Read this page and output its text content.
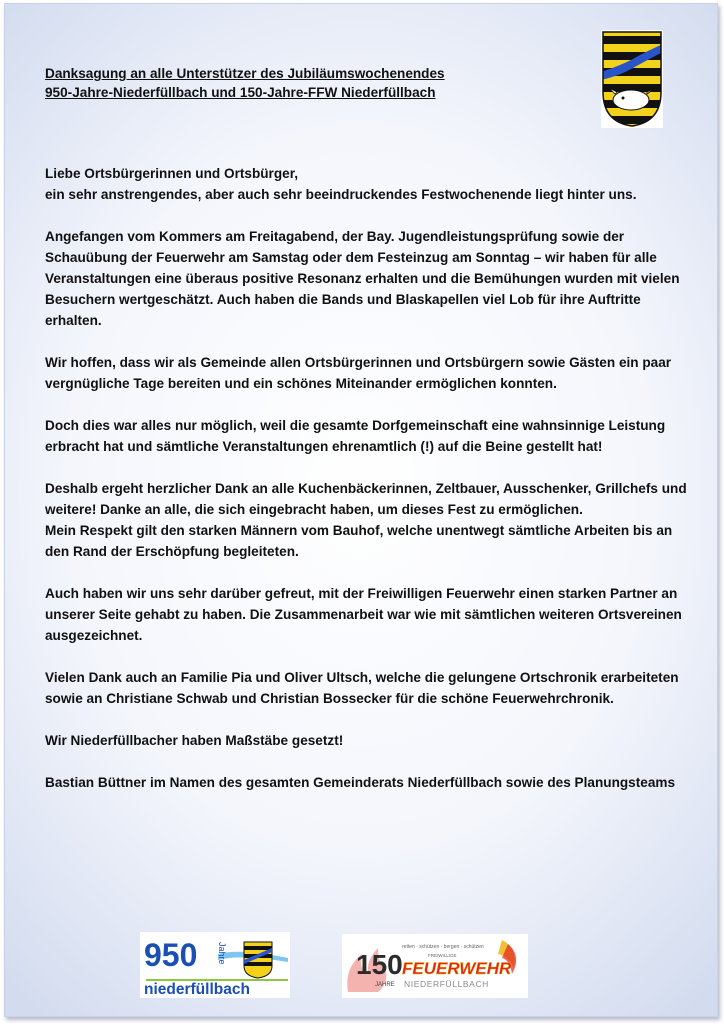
Danksagung an alle Unterstützer des Jubiläumswochenendes
950-Jahre-Niederfüllbach und 150-Jahre-FFW Niederfüllbach

Liebe Ortsbürgerinnen und Ortsbürger,
ein sehr anstrengendes, aber auch sehr beeindruckendes Festwochenende liegt hinter uns.

Angefangen vom Kommers am Freitagabend, der Bay. Jugendleistungsprüfung sowie der Schauübung der Feuerwehr am Samstag oder dem Festeinzug am Sonntag – wir haben für alle Veranstaltungen eine überaus positive Resonanz erhalten und die Bemühungen wurden mit vielen Besuchern wertgeschätzt. Auch haben die Bands und Blaskapellen viel Lob für ihre Auftritte erhalten.

Wir hoffen, dass wir als Gemeinde allen Ortsbürgerinnen und Ortsbürgern sowie Gästen ein paar vergnügliche Tage bereiten und ein schönes Miteinander ermöglichen konnten.

Doch dies war alles nur möglich, weil die gesamte Dorfgemeinschaft eine wahnsinnige Leistung erbracht hat und sämtliche Veranstaltungen ehrenamtlich (!) auf die Beine gestellt hat!

Deshalb ergeht herzlicher Dank an alle Kuchenbäckerinnen, Zeltbauer, Ausschenker, Grillchefs und weitere! Danke an alle, die sich eingebracht haben, um dieses Fest zu ermöglichen.
Mein Respekt gilt den starken Männern vom Bauhof, welche unentwegt sämtliche Arbeiten bis an den Rand der Erschöpfung begleiteten.

Auch haben wir uns sehr darüber gefreut, mit der Freiwilligen Feuerwehr einen starken Partner an unserer Seite gehabt zu haben. Die Zusammenarbeit war wie mit sämtlichen weiteren Ortsvereinen ausgezeichnet.

Vielen Dank auch an Familie Pia und Oliver Ultsch, welche die gelungene Ortschronik erarbeiteten sowie an Christiane Schwab und Christian Bossecker für die schöne Feuerwehrchronik.

Wir Niederfüllbacher haben Maßstäbe gesetzt!

Bastian Büttner im Namen des gesamten Gemeinderats Niederfüllbach sowie des Planungsteams

950 Jahre
niederfüllbach
150
JAHRE
retten · schützen · bergen · schützen
FREIWILLIGE
FEUERWEHR
NIEDERFÜLLBACH
